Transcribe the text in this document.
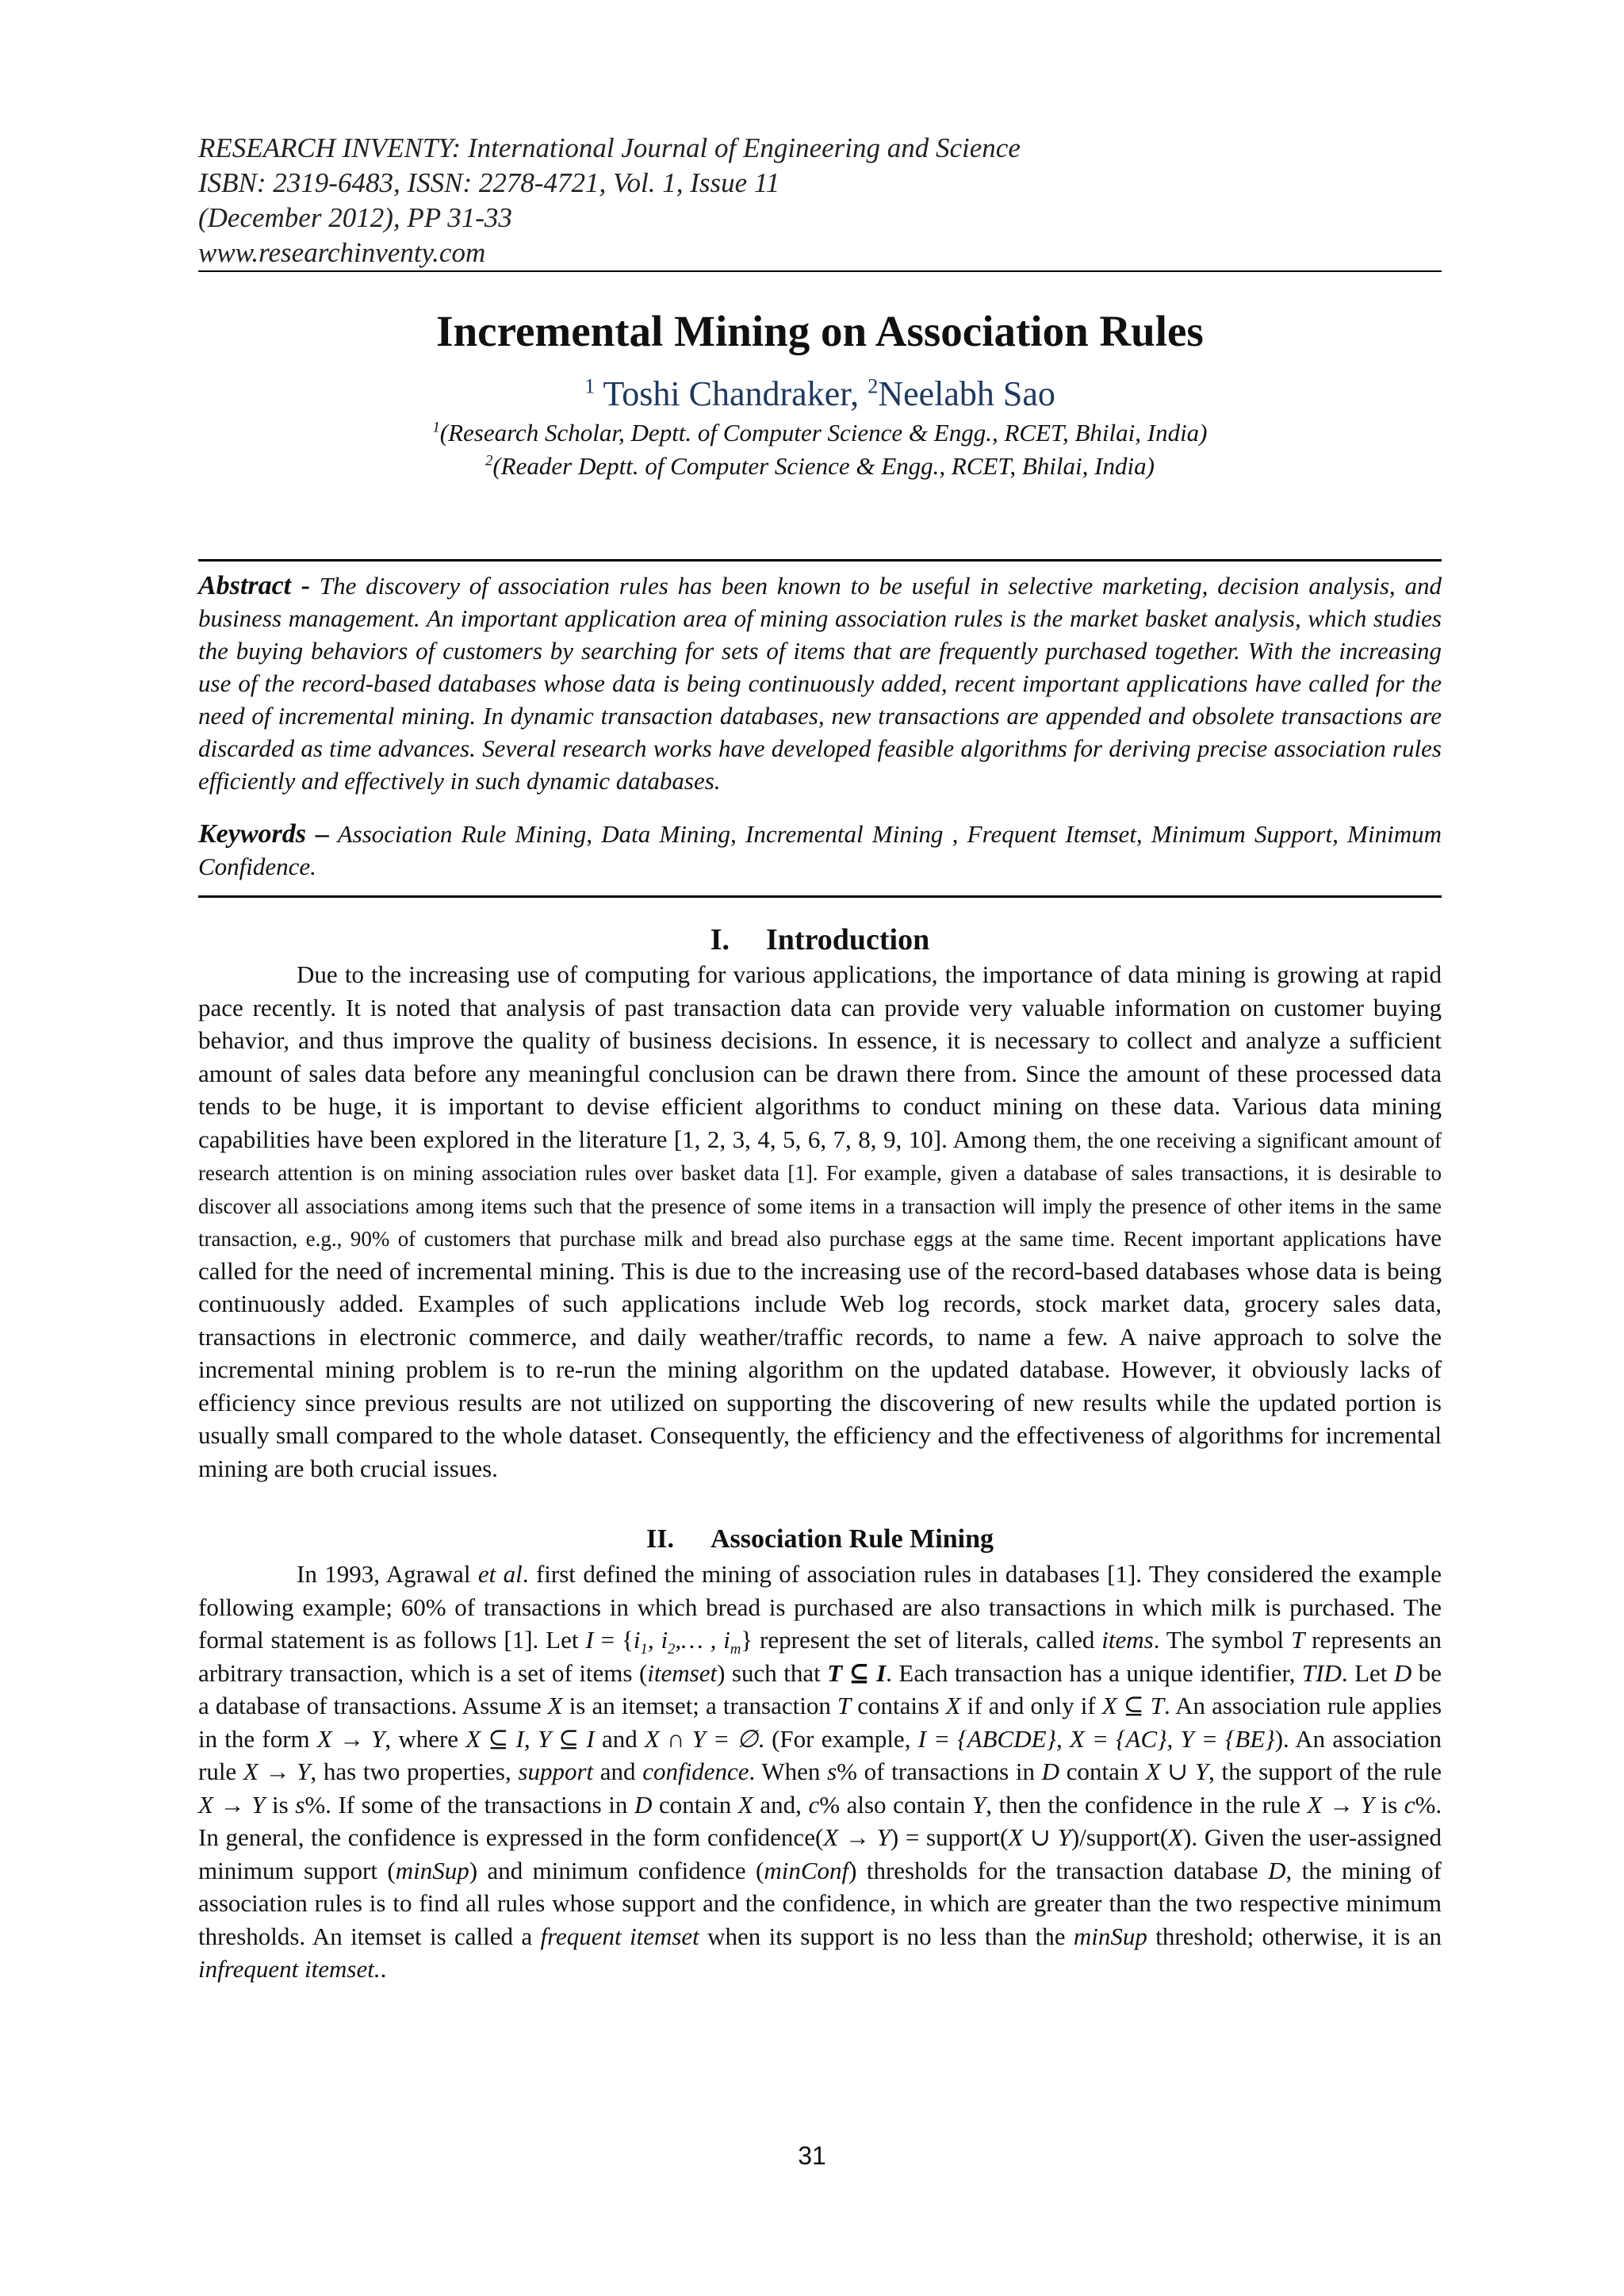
RESEARCH INVENTY: International Journal of Engineering and Science
ISBN: 2319-6483, ISSN: 2278-4721, Vol. 1, Issue 11
(December 2012), PP 31-33
www.researchinventy.com
Incremental Mining on Association Rules
$^1$ Toshi Chandraker, $^2$Neelabh Sao
$^1$(Research Scholar, Deptt. of Computer Science & Engg., RCET, Bhilai, India)
$^2$(Reader Deptt. of Computer Science & Engg., RCET, Bhilai, India)
Abstract - The discovery of association rules has been known to be useful in selective marketing, decision analysis, and business management. An important application area of mining association rules is the market basket analysis, which studies the buying behaviors of customers by searching for sets of items that are frequently purchased together. With the increasing use of the record-based databases whose data is being continuously added, recent important applications have called for the need of incremental mining. In dynamic transaction databases, new transactions are appended and obsolete transactions are discarded as time advances. Several research works have developed feasible algorithms for deriving precise association rules efficiently and effectively in such dynamic databases.
Keywords – Association Rule Mining, Data Mining, Incremental Mining , Frequent Itemset, Minimum Support, Minimum Confidence.
I. Introduction
Due to the increasing use of computing for various applications, the importance of data mining is growing at rapid pace recently. It is noted that analysis of past transaction data can provide very valuable information on customer buying behavior, and thus improve the quality of business decisions. In essence, it is necessary to collect and analyze a sufficient amount of sales data before any meaningful conclusion can be drawn there from. Since the amount of these processed data tends to be huge, it is important to devise efficient algorithms to conduct mining on these data. Various data mining capabilities have been explored in the literature [1, 2, 3, 4, 5, 6, 7, 8, 9, 10]. Among them, the one receiving a significant amount of research attention is on mining association rules over basket data [1]. For example, given a database of sales transactions, it is desirable to discover all associations among items such that the presence of some items in a transaction will imply the presence of other items in the same transaction, e.g., 90% of customers that purchase milk and bread also purchase eggs at the same time. Recent important applications have called for the need of incremental mining. This is due to the increasing use of the record-based databases whose data is being continuously added. Examples of such applications include Web log records, stock market data, grocery sales data, transactions in electronic commerce, and daily weather/traffic records, to name a few. A naive approach to solve the incremental mining problem is to re-run the mining algorithm on the updated database. However, it obviously lacks of efficiency since previous results are not utilized on supporting the discovering of new results while the updated portion is usually small compared to the whole dataset. Consequently, the efficiency and the effectiveness of algorithms for incremental mining are both crucial issues.
II. Association Rule Mining
In 1993, Agrawal et al. first defined the mining of association rules in databases [1]. They considered the example following example; 60% of transactions in which bread is purchased are also transactions in which milk is purchased. The formal statement is as follows [1]. Let $I = \{i_1$, $i_2,\dots$ , $i_m$} represent the set of literals, called items. The symbol T represents an arbitrary transaction, which is a set of items (itemset) such that T ⊆ I. Each transaction has a unique identifier, TID. Let D be a database of transactions. Assume X is an itemset; a transaction T contains X if and only if X ⊆ T. An association rule applies in the form X → Y, where X ⊆ I, Y ⊆ I and X ∩ Y = ∅. (For example, I = {ABCDE}, X = {AC}, Y = {BE}). An association rule X → Y, has two properties, support and confidence. When s% of transactions in D contain X ∪ Y, the support of the rule X → Y is s%. If some of the transactions in D contain X and, c% also contain Y, then the confidence in the rule X → Y is c%. In general, the confidence is expressed in the form confidence(X → Y) = support(X ∪ Y)/support(X). Given the user-assigned minimum support (minSup) and minimum confidence (minConf) thresholds for the transaction database D, the mining of association rules is to find all rules whose support and the confidence, in which are greater than the two respective minimum thresholds. An itemset is called a frequent itemset when its support is no less than the minSup threshold; otherwise, it is an infrequent itemset..
31
